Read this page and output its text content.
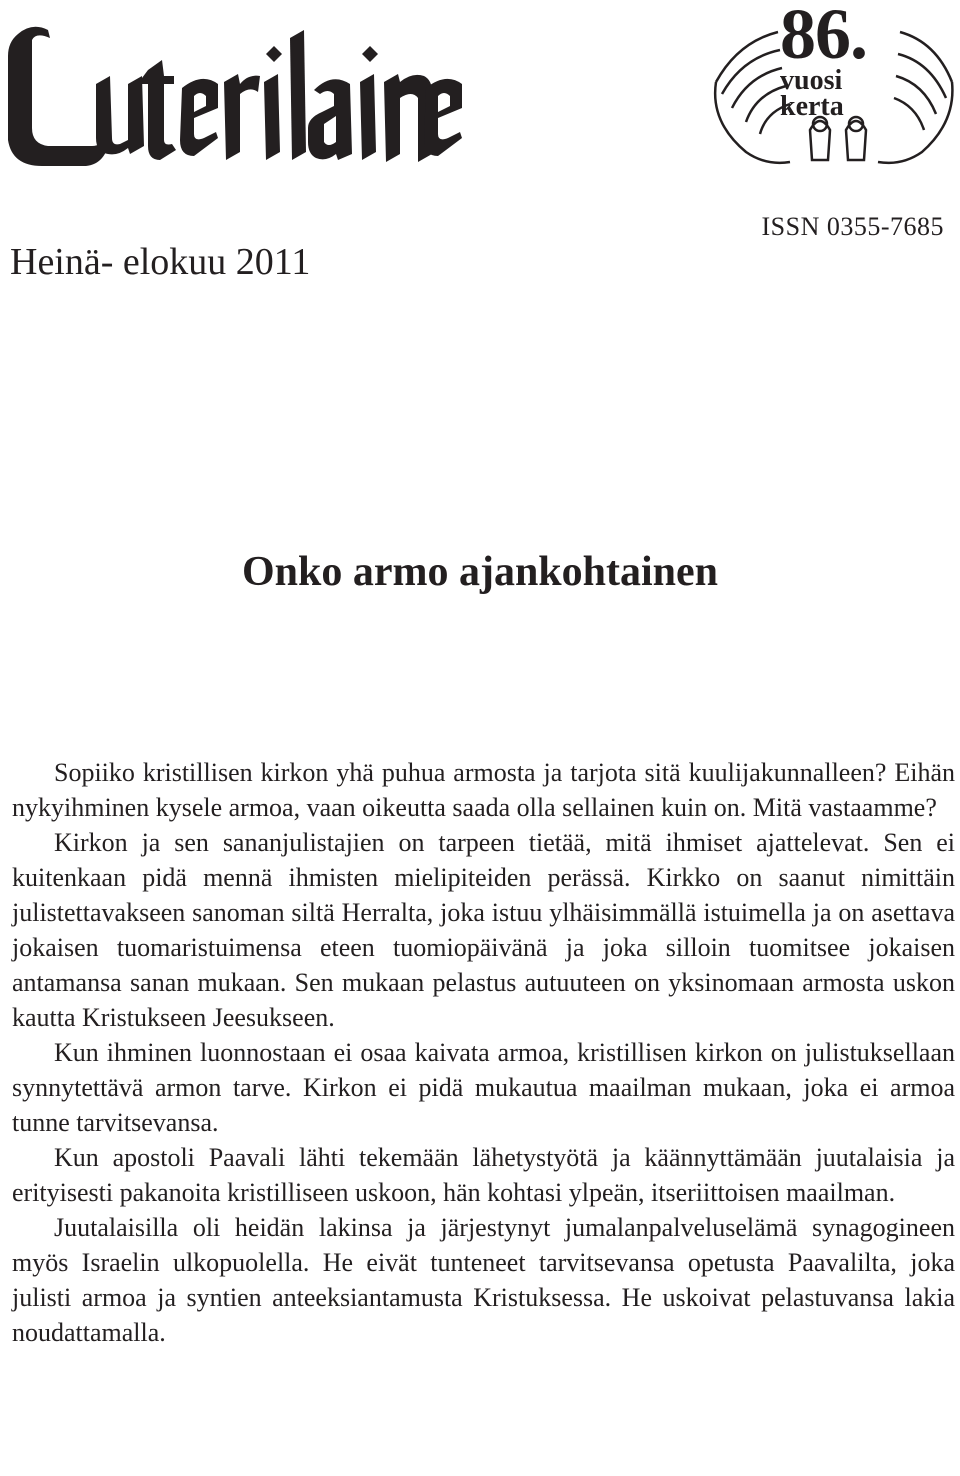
86.
vuosi
kerta
ISSN 0355-7685
Heinä- elokuu 2011
Onko armo ajankohtainen

Sopiiko kristillisen kirkon yhä puhua armosta ja tarjota sitä kuulijakunnalleen? Eihän nykyihminen kysele armoa, vaan oikeutta saada olla sellainen kuin on. Mitä vastaamme?

Kirkon ja sen sananjulistajien on tarpeen tietää, mitä ihmiset ajattelevat. Sen ei kuitenkaan pidä mennä ihmisten mielipiteiden perässä. Kirkko on saanut nimittäin julistettavakseen sanoman siltä Herralta, joka istuu ylhäisimmällä istuimella ja on asettava jokaisen tuomaristuimensa eteen tuomiopäivänä ja joka silloin tuomitsee jokaisen antamansa sanan mukaan. Sen mukaan pelastus autuuteen on yksinomaan armosta uskon kautta Kristukseen Jeesukseen.

Kun ihminen luonnostaan ei osaa kaivata armoa, kristillisen kirkon on julistuksellaan synnytettävä armon tarve. Kirkon ei pidä mukautua maailman mukaan, joka ei armoa tunne tarvitsevansa.

Kun apostoli Paavali lähti tekemään lähetystyötä ja käännyttämään juutalaisia ja erityisesti pakanoita kristilliseen uskoon, hän kohtasi ylpeän, itseriittoisen maailman.

Juutalaisilla oli heidän lakinsa ja järjestynyt jumalanpalveluselämä synagogineen myös Israelin ulkopuolella. He eivät tunteneet tarvitsevansa opetusta Paavalilta, joka julisti armoa ja syntien anteeksiantamusta Kristuksessa. He uskoivat pelastuvansa lakia noudattamalla.
